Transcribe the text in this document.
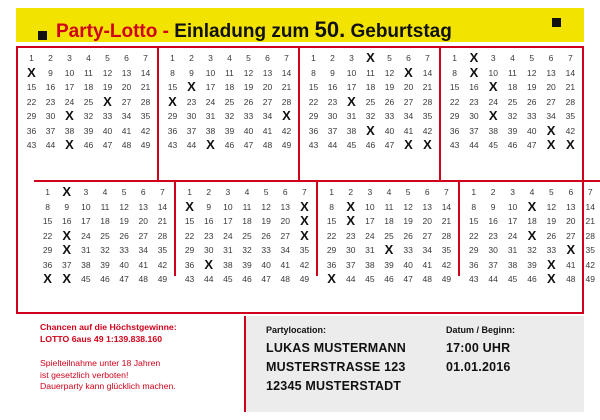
Party-Lotto - Einladung zum 50. Geburtstag
1	2	3	4	5	6	7

X	9	10	11	12	13	14
15	16	17	18	19	20	21
22	23	24	25	X	27	28
29	30	X	32	33	34	35
36	37	38	39	40	41	42
43	44	X	46	47	48	49
1	2	3	4	5	6	7
8	9	10	11	12	13	14
15	X	17	18	19	20	21

X	23	24	25	26	27	28
29	30	31	32	33	34	X

36	37	38	39	40	41	42
43	44	X	46	47	48	49
1	2	3	X	5	6	7
8	9	10	11	12	X	14
15	16	17	18	19	20	21
22	23	X	25	26	27	28
29	30	31	32	33	34	35
36	37	38	X	40	41	42
43	44	45	46	47	X	X
1	X	3	4	5	6	7
8	X	10	11	12	13	14
15	16	X	18	19	20	21
22	23	24	25	26	27	28
29	30	X	32	33	34	35
36	37	38	39	40	X	42
43	44	45	46	47	X	X
1	X	3	4	5	6	7
8	9	10	11	12	13	14
15	16	17	18	19	20	21
22	X	24	25	26	27	28
29	X	31	32	33	34	35
36	37	38	39	40	41	42

X	X	45	46	47	48	49
1	2	3	4	5	6	7

X	9	10	11	12	13	X

15	16	17	18	19	20	X

22	23	24	25	26	27	X

29	30	31	32	33	34	35
36	X	38	39	40	41	42
43	44	45	46	47	48	49
1	2	3	4	5	6	7
8	X	10	11	12	13	14
15	X	17	18	19	20	21
22	23	24	25	26	27	28
29	30	31	X	33	34	35
36	37	38	39	40	41	42

X	44	45	46	47	48	49
1	2	3	4	5	6	7
8	9	10	X	12	13	14
15	16	17	18	19	20	21
22	23	24	X	26	27	28
29	30	31	32	33	X	35
36	37	38	39	X	41	42
43	44	45	46	X	48	49
Chancen auf die Höchstgewinne:
LOTTO 6aus 49 1:139.838.160
Spielteilnahme unter 18 Jahren
ist gesetzlich verboten!
Dauerparty kann glücklich machen.
Partylocation:
LUKAS MUSTERMANN
MUSTERSTRASSE 123
12345 MUSTERSTADT
Datum / Beginn:
17:00 UHR
01.01.2016
